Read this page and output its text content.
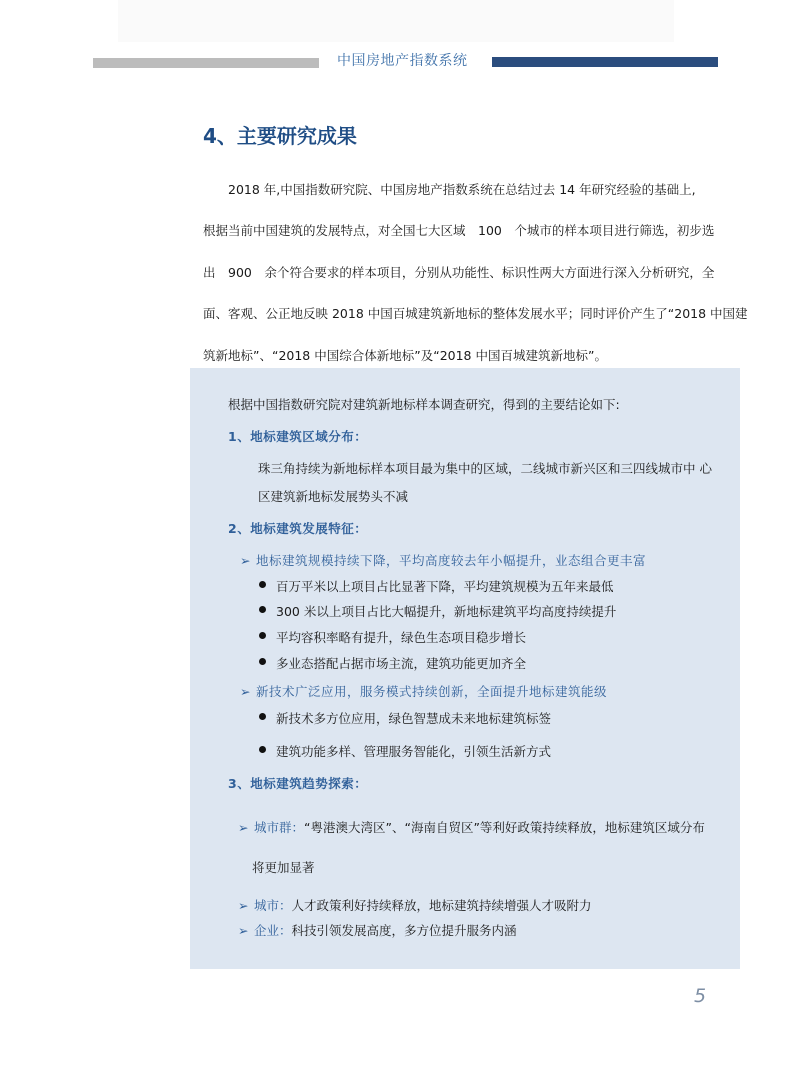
中国房地产指数系统
4、主要研究成果
2018 年,中国指数研究院、中国房地产指数系统在总结过去 14 年研究经验的基础上,
根据当前中国建筑的发展特点，对全国七大区域　100　个城市的样本项目进行筛选，初步选
出　900　余个符合要求的样本项目，分别从功能性、标识性两大方面进行深入分析研究，全
面、客观、公正地反映 2018 中国百城建筑新地标的整体发展水平；同时评价产生了“2018 中国建
筑新地标”、“2018 中国综合体新地标”及“2018 中国百城建筑新地标”。
根据中国指数研究院对建筑新地标样本调查研究，得到的主要结论如下:
1、地标建筑区域分布：
珠三角持续为新地标样本项目最为集中的区域，二线城市新兴区和三四线城市中 心
区建筑新地标发展势头不减
2、地标建筑发展特征：
➢ 地标建筑规模持续下降，平均高度较去年小幅提升，业态组合更丰富
百万平米以上项目占比显著下降，平均建筑规模为五年来最低
300 米以上项目占比大幅提升，新地标建筑平均高度持续提升
平均容积率略有提升，绿色生态项目稳步增长
多业态搭配占据市场主流，建筑功能更加齐全
➢ 新技术广泛应用，服务模式持续创新，全面提升地标建筑能级
新技术多方位应用，绿色智慧成未来地标建筑标签
建筑功能多样、管理服务智能化，引领生活新方式
3、地标建筑趋势探索：
➢ 城市群：“粤港澳大湾区”、“海南自贸区”等利好政策持续释放，地标建筑区域分布
将更加显著
➢ 城市：人才政策利好持续释放，地标建筑持续增强人才吸附力
➢ 企业：科技引领发展高度，多方位提升服务内涵
5
